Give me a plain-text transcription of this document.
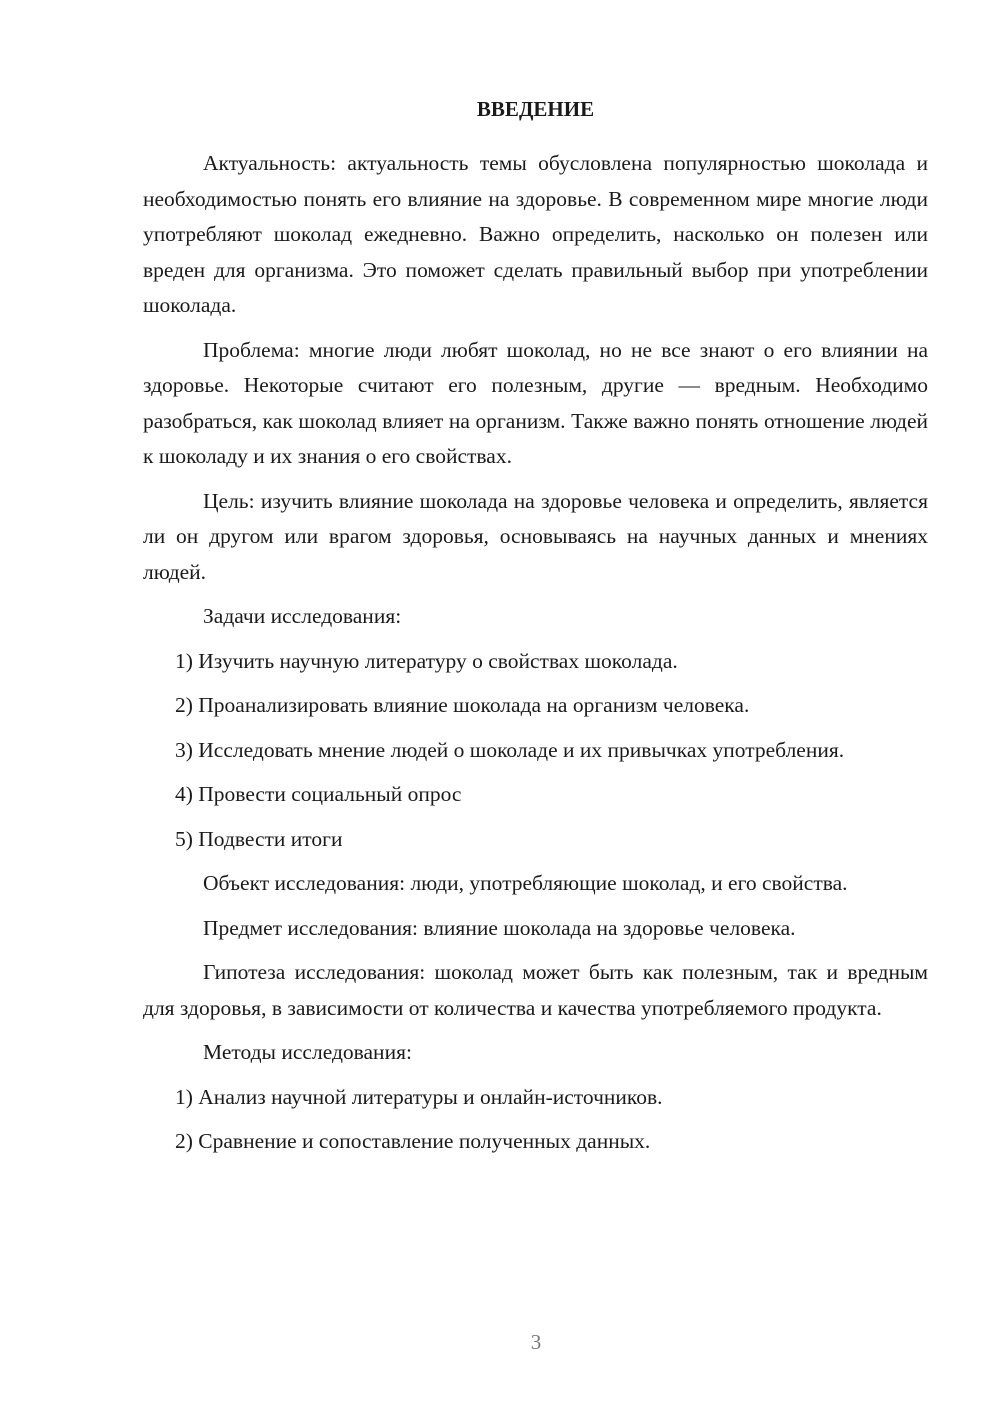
ВВЕДЕНИЕ

Актуальность: актуальность темы обусловлена популярностью шоколада и необходимостью понять его влияние на здоровье. В современном мире многие люди употребляют шоколад ежедневно. Важно определить, насколько он полезен или вреден для организма. Это поможет сделать правильный выбор при употреблении шоколада.

Проблема: многие люди любят шоколад, но не все знают о его влиянии на здоровье. Некоторые считают его полезным, другие — вредным. Необходимо разобраться, как шоколад влияет на организм. Также важно понять отношение людей к шоколаду и их знания о его свойствах.

Цель: изучить влияние шоколада на здоровье человека и определить, является ли он другом или врагом здоровья, основываясь на научных данных и мнениях людей.

Задачи исследования:

1) Изучить научную литературу о свойствах шоколада.

2) Проанализировать влияние шоколада на организм человека.

3) Исследовать мнение людей о шоколаде и их привычках употребления.

4) Провести социальный опрос

5) Подвести итоги

Объект исследования: люди, употребляющие шоколад, и его свойства.

Предмет исследования: влияние шоколада на здоровье человека.

Гипотеза исследования: шоколад может быть как полезным, так и вредным для здоровья, в зависимости от количества и качества употребляемого продукта.

Методы исследования:

1) Анализ научной литературы и онлайн-источников.

2) Сравнение и сопоставление полученных данных.

3
